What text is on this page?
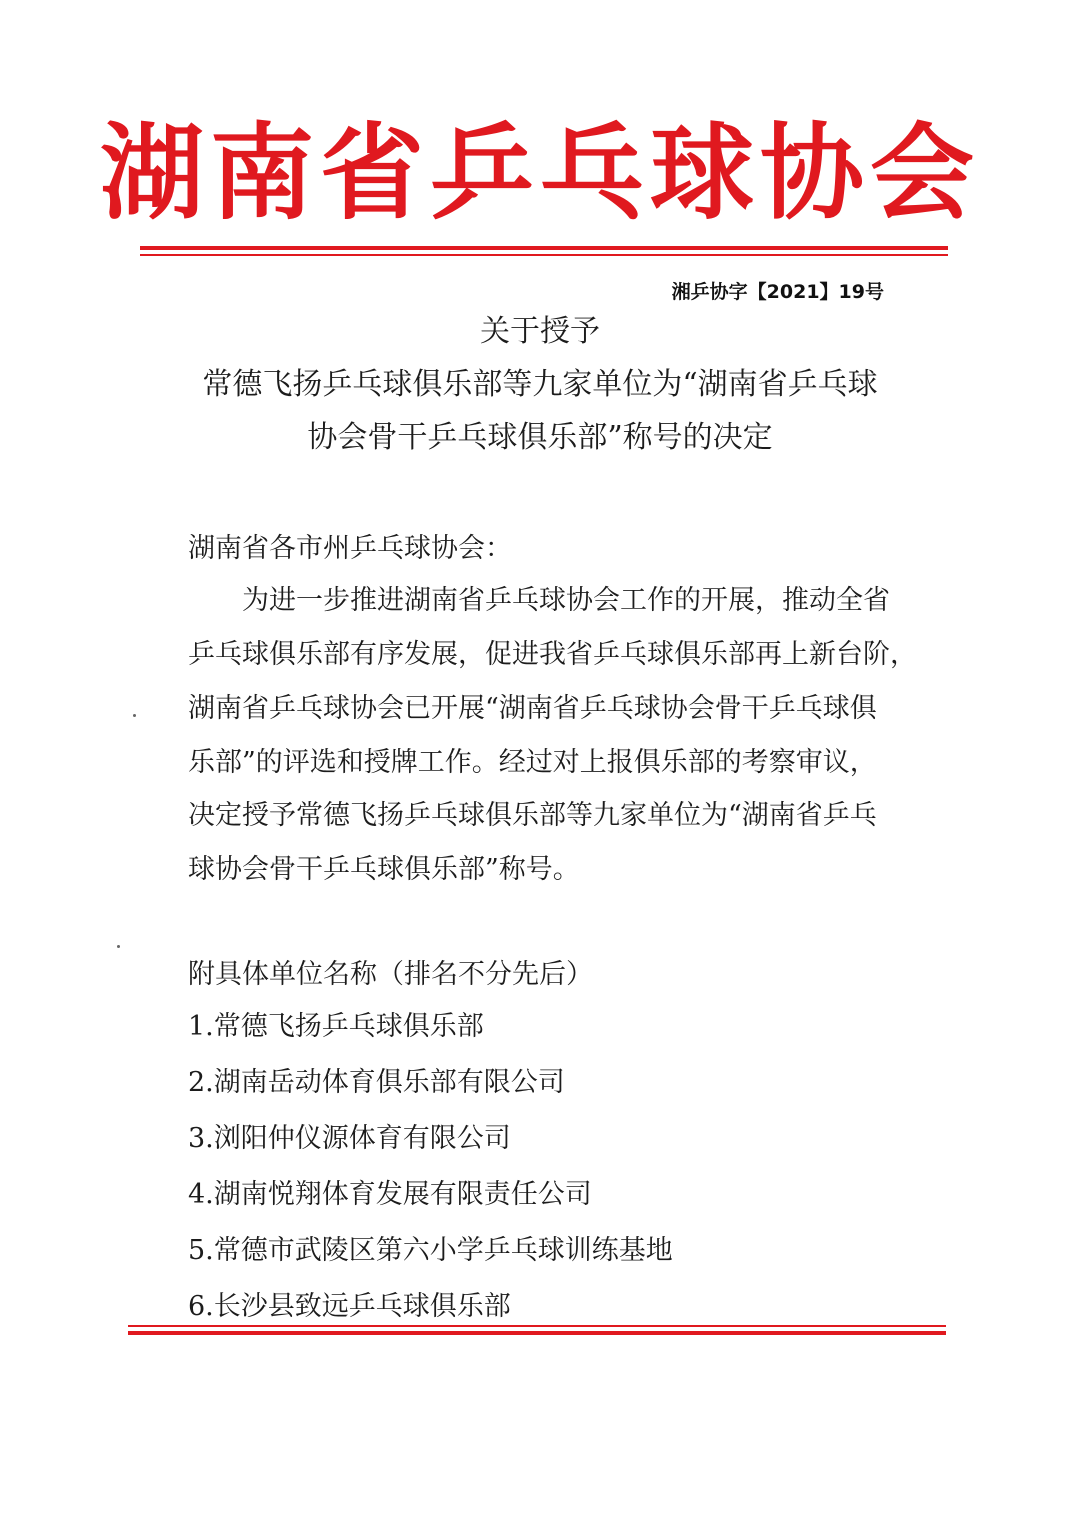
湖南省乒乓球协会
湘乒协字【2021】19号
关于授予
常德飞扬乒乓球俱乐部等九家单位为“湖南省乒乓球
协会骨干乒乓球俱乐部”称号的决定
湖南省各市州乒乓球协会：
为进一步推进湖南省乒乓球协会工作的开展，推动全省
乒乓球俱乐部有序发展，促进我省乒乓球俱乐部再上新台阶，
湖南省乒乓球协会已开展“湖南省乒乓球协会骨干乒乓球俱
乐部”的评选和授牌工作。经过对上报俱乐部的考察审议，
决定授予常德飞扬乒乓球俱乐部等九家单位为“湖南省乒乓
球协会骨干乒乓球俱乐部”称号。
附具体单位名称（排名不分先后）
1.常德飞扬乒乓球俱乐部
2.湖南岳动体育俱乐部有限公司
3.浏阳仲仪源体育有限公司
4.湖南悦翔体育发展有限责任公司
5.常德市武陵区第六小学乒乓球训练基地
6.长沙县致远乒乓球俱乐部
